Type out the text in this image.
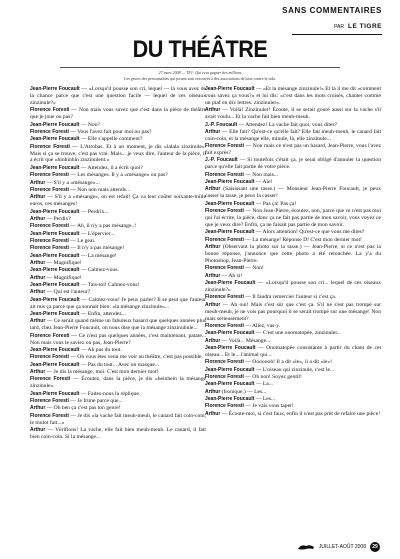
SANS COMMENTAIRES
PAR LE TIGRE
DU THÉÂTRE
27 mars 2008 — TF1: Qui veut gagner des millions
Les gestes des personnalités qui posent sont retrouvés à des associations de lutte contre le sida.

Jean-Pierre Foucault — «Lorsqu'il pousse son cri, lequel — là vous avez de la chance parce que c'est une question facile — lequel de ces oiseaux zinzinule?»

Florence Foresti — Non mais vous savez que c'est dans la pièce de théâtre que je joue ou pas?

Jean-Pierre Foucault — Non?

Florence Foresti — Vous l'avez fait pour moi ou pas?

Jean-Pierre Foucault — Elle s'appelle comment?

Florence Foresti — L'Atrobas. Et à un moment, je dis «lalala zinzinule». Mais si ça se trouve, c'est pas vrai. Mais... je veux dire, l'auteur de la pièce, il a écrit que «hinhinhin zinzinulent.»

Jean-Pierre Foucault — Attendez, il a écrit quoi?

Florence Foresti — Les mésanges. Il y a «mésange» ou pas?

Arthur — S'il y a «mésange»...

Florence Foresti — Non non mais attends...

Arthur — S'il y a «mésange», on est refait! Ça va leur coûter soixante-mille euros, ces mésanges!

Jean-Pierre Foucault — Perdrix...

Arthur — Perdix?

Florence Foresti — Ah, il n'y a pas mésange..!

Jean-Pierre Foucault — L'épervier...

Florence Foresti — Le geai.

Florence Foresti — Il n'y a pas mésange!

Jean-Pierre Foucault — La mésange!

Arthur — Magnifique!

Jean-Pierre Foucault — Calmez-vous.

Arthur — Magnifique!

Jean-Pierre Foucault — Tais-toi! Calmez-vous!

Arthur — Qui est l'auteur?

Jean-Pierre Foucault — Calmez-vous! Je peux parler? Il se peut que l'auteur ait mis ça parce que ça sonnait bien: «la mésange zinzinule»...

Jean-Pierre Foucault — Enfin, attendez...

Arthur — Ce serait quand même un fabuleux hasard que quelques années plus tard, chez Jean-Pierre Foucault, on nous dise que la mésange zinzinubule...

Florence Foresti — Ce n'est pas quelques années, c'est maintenant, patate... Non mais vous le saviez ou pas, Jean-Pierre?

Jean-Pierre Foucault — Ah pas du tout.

Florence Foresti — Oh vous êtes venu me voir au théâtre, c'est pas possible.

Jean-Pierre Foucault — Pas du tout... Avec un masque...

Arthur — Je dis la mésange, moi. C'est mon dernier mot!

Florence Foresti — Écoutez, dans la pièce, je dis «heinhein la mésange zinzinule».

Jean-Pierre Foucault — Faites-nous la réplique.

Florence Foresti — Je frime parce que...

Arthur — Oh ben ça c'est pas ton genre!

Florence Foresti — Je dis «la vache fait meuh-meuh, le canard fait coin-coin, le mulot fait...»

Arthur — Vérifions! La vache, elle fait bien meuh-meuh. Le canard, il fait bien coin-coin. Si la mésange...

Jean-Pierre Foucault — «Et la mésange zinzinule!» Et là il me dit «comment vous savez ça vous?» et lui dis: «c'est dans les mots croisés, chanter comme un piaf en dix lettres: zinzinuler».

Arthur — Voilà! Zinzinuler! Écoute, il se serait gouré aussi sur la vache s'il avait voulu... Et la vache fait bien meuh-meuh.

J.-P. Foucault — Attendez! La vache fait quoi, vous dites?

Arthur — Elle fait? Qu'est-ce qu'elle fait? Elle fait meuh-meuh, le canard fait coin-coin, et la mésange elle, minule, là, elle zinzinule...

Florence Foresti — Non mais ce n'est pas un hasard, Jean-Pierre, vous l'avez fait exprès?

J.-P. Foucault — Si toutefois c'était ça, je serai obligé d'annuler la question parce qu'elle fait partie de votre pièce.

Florence Foresti — Non mais...

Jean-Pierre Foucault — Aïe!

Arthur (Saisissant une tasse.) — Monsieur Jean-Pierre Foucault, je peux casser la tasse, je peux la casser!

Jean-Pierre Foucault — Pas ça! Pas ça!

Florence Foresti — Non Jean-Pierre, écoutez, non, parce que ce n'est pas moi qui l'ai écrite, la pièce, donc ça ne fait pas partie de mon savoir, vous voyez ce que je veux dire? Enfin, ça ne faisait pas partie de mon savoir.

Jean-Pierre Foucault — Alors attention! Qu'est-ce que vous me dites?

Florence Foresti — La mésange! Réponse D! C'est mon dernier mot!

Arthur (Observant la photo sur la tasse.) — Jean-Pierre, si ce n'est pas la bonne réponse, j'annonce que cette photo a été retouchée. La y'a du Photoshop, Jean-Pierre.

Florence Foresti — Non!

Arthur — Ah si!

Jean-Pierre Foucault — «Lorsqu'il pousse son cri... lequel de ces oiseaux zinzinule?»

Florence Foresti — Il faudra remercier l'auteur si c'est ça.

Arthur — Ah oui! Mais c'est sûr que c'est ça. S'il ne s'est pas trompé sur meuh-meuh, je ne vois pas pourquoi il se serait trompé sur une mésange! Non mais sérieusement?

Florence Foresti — Allez, vas-y.

Jean-Pierre Foucault — C'est une onomatopée, zinzinuler...

Arthur — Voilà... Mésange...

Jean-Pierre Foucault — Onomatopée consistante à partir du chant de cet oiseau... Et le... l'animal qui...

Florence Foresti — Ooooooh! Il a dit «le», il a dit «le»!

Jean-Pierre Foucault — L'oiseau qui zinzinule, c'est le...

Florence Foresti — Oh non! Soyez gentil!

Jean-Pierre Foucault — La...

Arthur (Ironique.) — Les...

Jean-Pierre Foucault — Les...

Florence Foresti — Je vais vous taper!

Arthur — Écoute-moi, si c'est faux, enfin il n'est pas prêt de refaire une pièce!

JUILLET-AOÛT 2008	29
